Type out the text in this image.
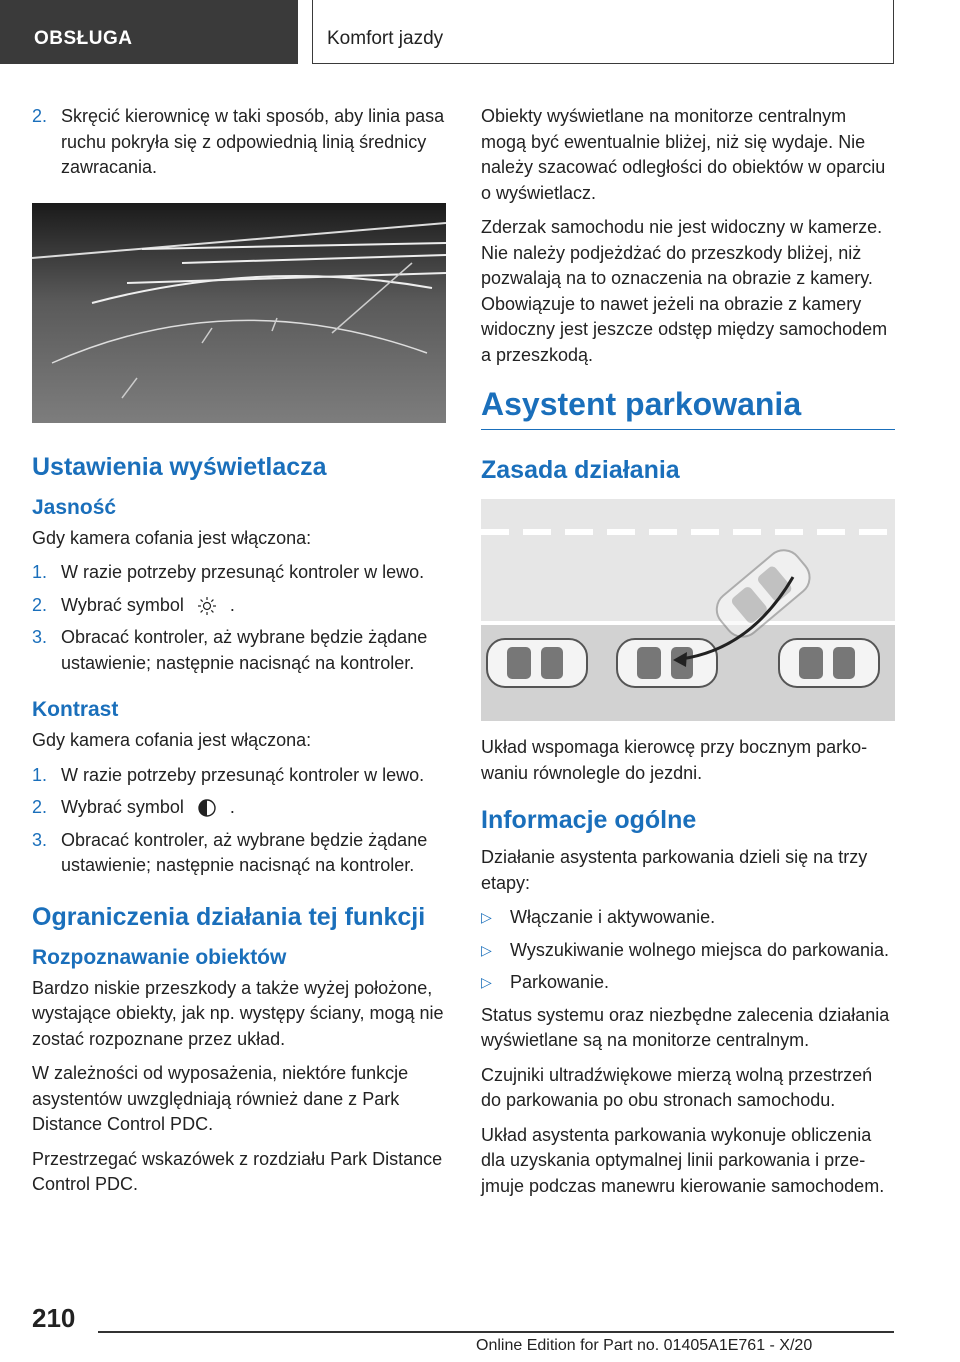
OBSŁUGA	Komfort jazdy
2. Skręcić kierownicę w taki sposób, aby linia pasa ruchu pokryła się z odpowiednią linią średnicy zawracania.
Ustawienia wyświetlacza
Jasność

Gdy kamera cofania jest włączona:

1. W razie potrzeby przesunąć kontroler w lewo.
2. Wybrać symbol	.
3. Obracać kontroler, aż wybrane będzie żądane ustawienie; następnie nacisnąć na kontroler.
Kontrast

Gdy kamera cofania jest włączona:

1. W razie potrzeby przesunąć kontroler w lewo.
2. Wybrać symbol	.
3. Obracać kontroler, aż wybrane będzie żądane ustawienie; następnie nacisnąć na kontroler.
Ograniczenia działania tej funkcji
Rozpoznawanie obiektów

Bardzo niskie przeszkody a także wyżej położone, wystające obiekty, jak np. występy ściany, mogą nie zostać rozpoznane przez układ.

W zależności od wyposażenia, niektóre funkcje asystentów uwzględniają również dane z Park Distance Control PDC.

Przestrzegać wskazówek z rozdziału Park Distance Control PDC.

Obiekty wyświetlane na monitorze centralnym mogą być ewentualnie bliżej, niż się wydaje. Nie należy szacować odległości do obiektów w oparciu o wyświetlacz.

Zderzak samochodu nie jest widoczny w kamerze. Nie należy podjeżdżać do przeszkody bliżej, niż pozwalają na to oznaczenia na obrazie z kamery. Obowiązuje to nawet jeżeli na obrazie z kamery widoczny jest jeszcze odstęp między samochodem a przeszkodą.

Asystent parkowania
Zasada działania

Układ wspomaga kierowcę przy bocznym parkowaniu równolegle do jezdni.

Informacje ogólne

Działanie asystenta parkowania dzieli się na trzy etapy:

▷ Włączanie i aktywowanie.
▷ Wyszukiwanie wolnego miejsca do parkowania.
▷ Parkowanie.

Status systemu oraz niezbędne zalecenia działania wyświetlane są na monitorze centralnym.

Czujniki ultradźwiękowe mierzą wolną przestrzeń do parkowania po obu stronach samochodu.

Układ asystenta parkowania wykonuje obliczenia dla uzyskania optymalnej linii parkowania i przejmuje podczas manewru kierowanie samochodem.

210
Online Edition for Part no. 01405A1E761 - X/20
